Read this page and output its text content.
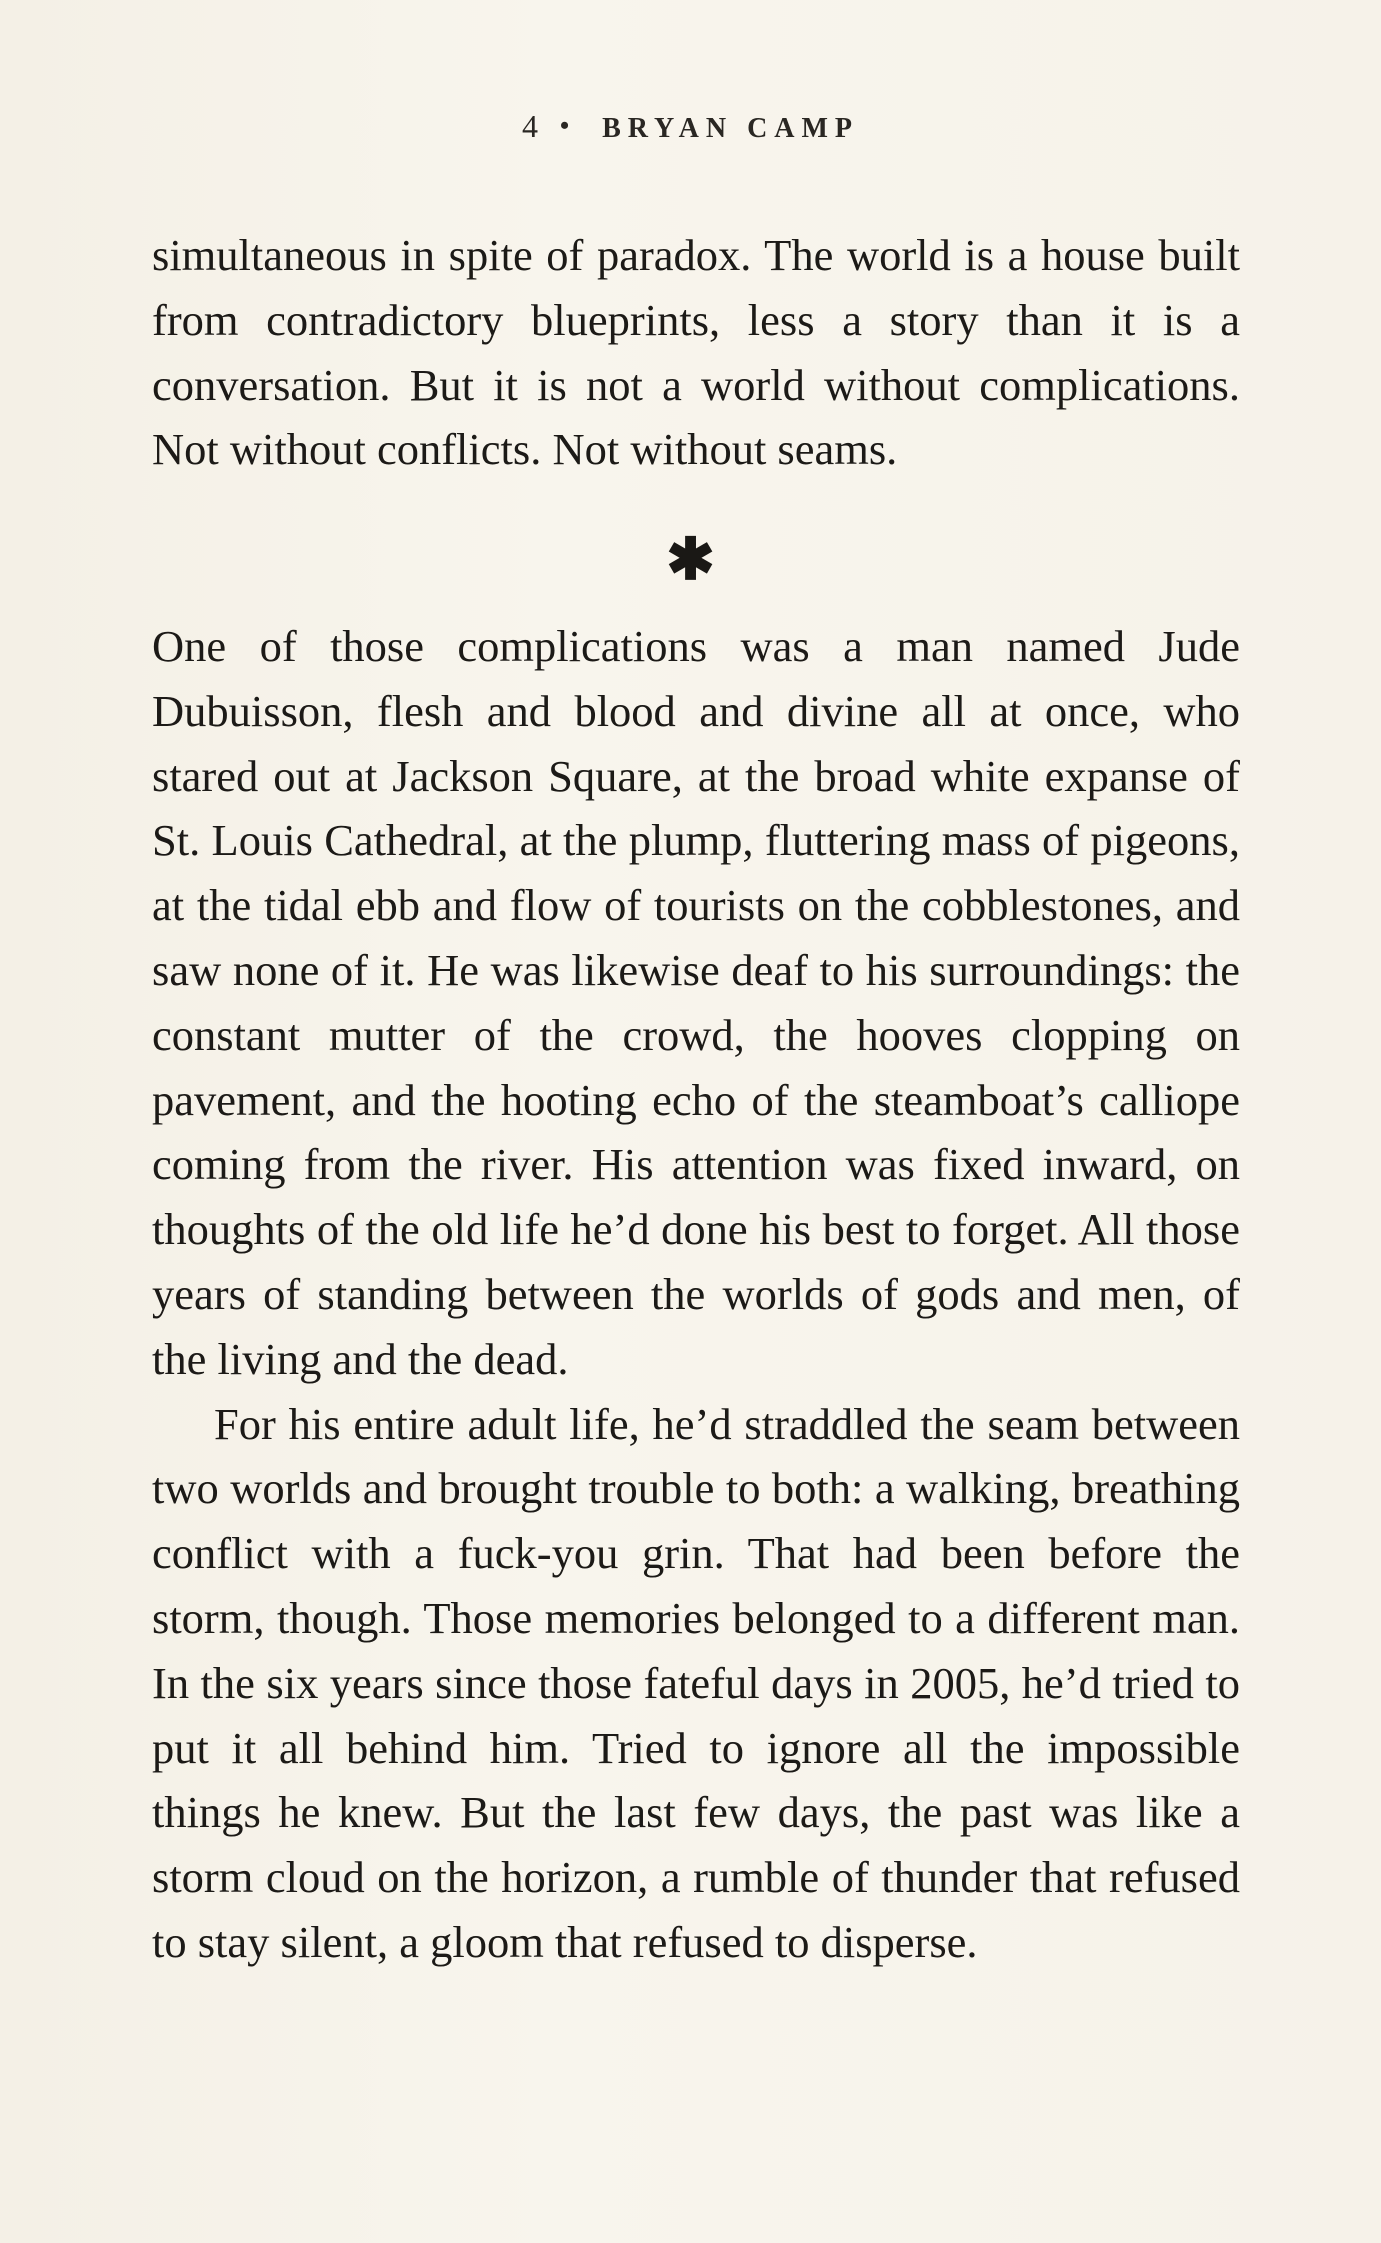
4 • BRYAN CAMP

simultaneous in spite of paradox. The world is a house built from contradictory blueprints, less a story than it is a conversation. But it is not a world without complications. Not without conflicts. Not without seams.

✱

One of those complications was a man named Jude Dubuisson, flesh and blood and divine all at once, who stared out at Jackson Square, at the broad white expanse of St. Louis Cathedral, at the plump, fluttering mass of pigeons, at the tidal ebb and flow of tourists on the cobblestones, and saw none of it. He was likewise deaf to his surroundings: the constant mutter of the crowd, the hooves clopping on pavement, and the hooting echo of the steamboat’s calliope coming from the river. His attention was fixed inward, on thoughts of the old life he’d done his best to forget. All those years of standing between the worlds of gods and men, of the living and the dead.

For his entire adult life, he’d straddled the seam between two worlds and brought trouble to both: a walking, breathing conflict with a fuck-you grin. That had been before the storm, though. Those memories belonged to a different man. In the six years since those fateful days in 2005, he’d tried to put it all behind him. Tried to ignore all the impossible things he knew. But the last few days, the past was like a storm cloud on the horizon, a rumble of thunder that refused to stay silent, a gloom that refused to disperse.
